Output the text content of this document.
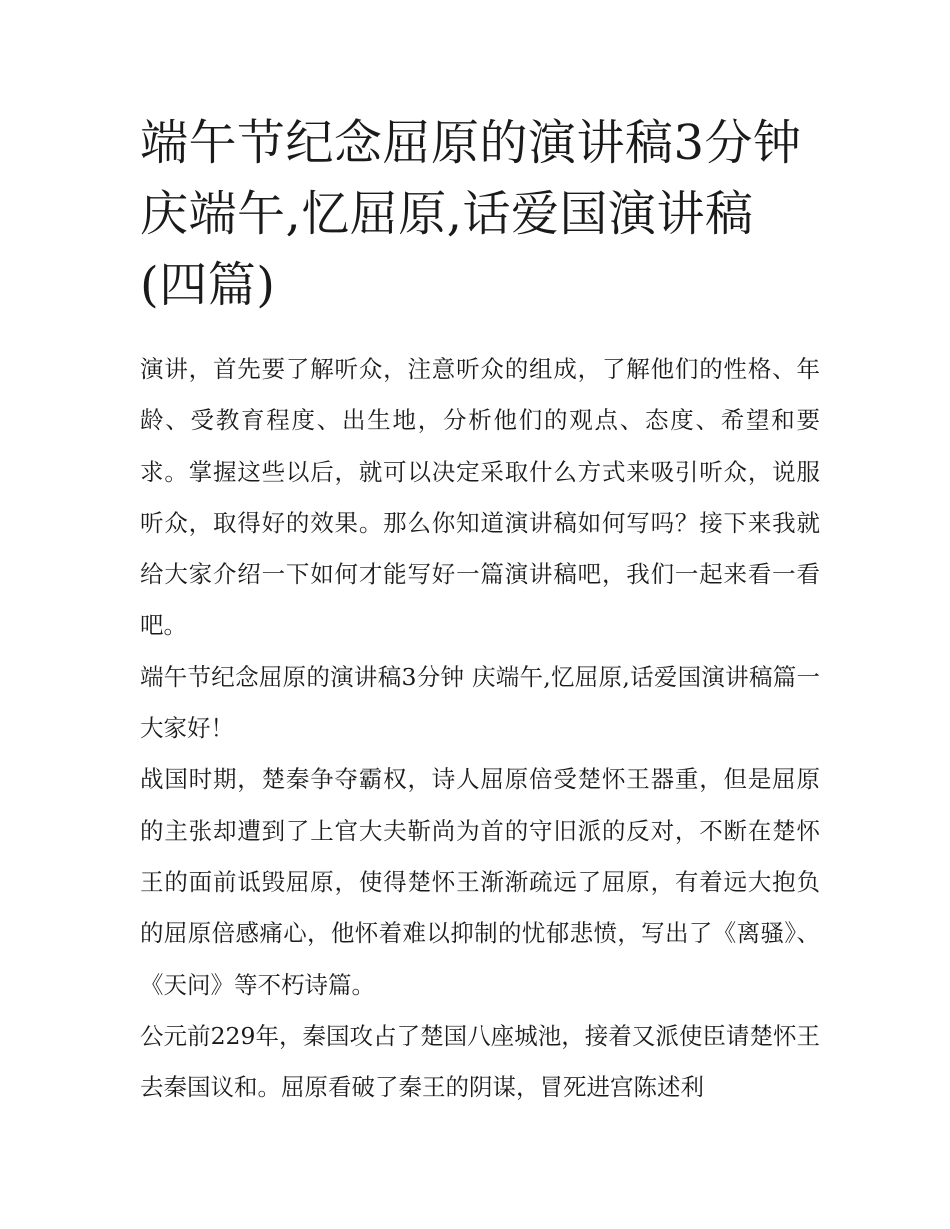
端午节纪念屈原的演讲稿3分钟 庆端午,忆屈原,话爱国演讲稿(四篇)

演讲，首先要了解听众，注意听众的组成，了解他们的性格、年龄、受教育程度、出生地，分析他们的观点、态度、希望和要求。掌握这些以后，就可以决定采取什么方式来吸引听众，说服听众，取得好的效果。那么你知道演讲稿如何写吗？接下来我就给大家介绍一下如何才能写好一篇演讲稿吧，我们一起来看一看吧。

端午节纪念屈原的演讲稿3分钟 庆端午,忆屈原,话爱国演讲稿篇一 大家好！

战国时期，楚秦争夺霸权，诗人屈原倍受楚怀王器重，但是屈原的主张却遭到了上官大夫靳尚为首的守旧派的反对，不断在楚怀王的面前诋毁屈原，使得楚怀王渐渐疏远了屈原，有着远大抱负的屈原倍感痛心，他怀着难以抑制的忧郁悲愤，写出了《离骚》、《天问》等不朽诗篇。

公元前229年，秦国攻占了楚国八座城池，接着又派使臣请楚怀王去秦国议和。屈原看破了秦王的阴谋，冒死进宫陈述利
